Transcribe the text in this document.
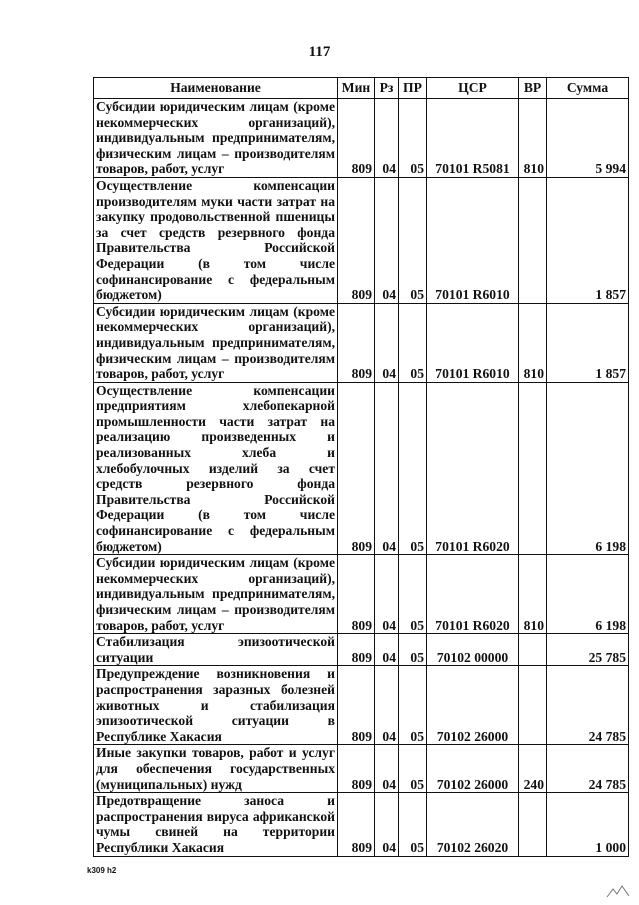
117
Наименование	Мин	Рз	ПР	ЦСР	ВР	Сумма
Субсидии юридическим лицам (кроме некоммерческих организаций), индивидуальным предпринимателям, физическим лицам – производителям товаров, работ, услуг	809	04	05	70101 R5081	810	5 994
Осуществление компенсации производителям муки части затрат на закупку продовольственной пшеницы за счет средств резервного фонда Правительства Российской Федерации (в том числе софинансирование с федеральным бюджетом)	809	04	05	70101 R6010		1 857
Субсидии юридическим лицам (кроме некоммерческих организаций), индивидуальным предпринимателям, физическим лицам – производителям товаров, работ, услуг	809	04	05	70101 R6010	810	1 857
Осуществление компенсации предприятиям хлебопекарной промышленности части затрат на реализацию произведенных и реализованных хлеба и хлебобулочных изделий за счет средств резервного фонда Правительства Российской Федерации (в том числе софинансирование с федеральным бюджетом)	809	04	05	70101 R6020		6 198
Субсидии юридическим лицам (кроме некоммерческих организаций), индивидуальным предпринимателям, физическим лицам – производителям товаров, работ, услуг	809	04	05	70101 R6020	810	6 198
Стабилизация эпизоотической ситуации	809	04	05	70102 00000		25 785
Предупреждение возникновения и распространения заразных болезней животных и стабилизация эпизоотической ситуации в Республике Хакасия	809	04	05	70102 26000		24 785
Иные закупки товаров, работ и услуг для обеспечения государственных (муниципальных) нужд	809	04	05	70102 26000	240	24 785
Предотвращение заноса и распространения вируса африканской чумы свиней на территории Республики Хакасия	809	04	05	70102 26020		1 000
k309 h2
